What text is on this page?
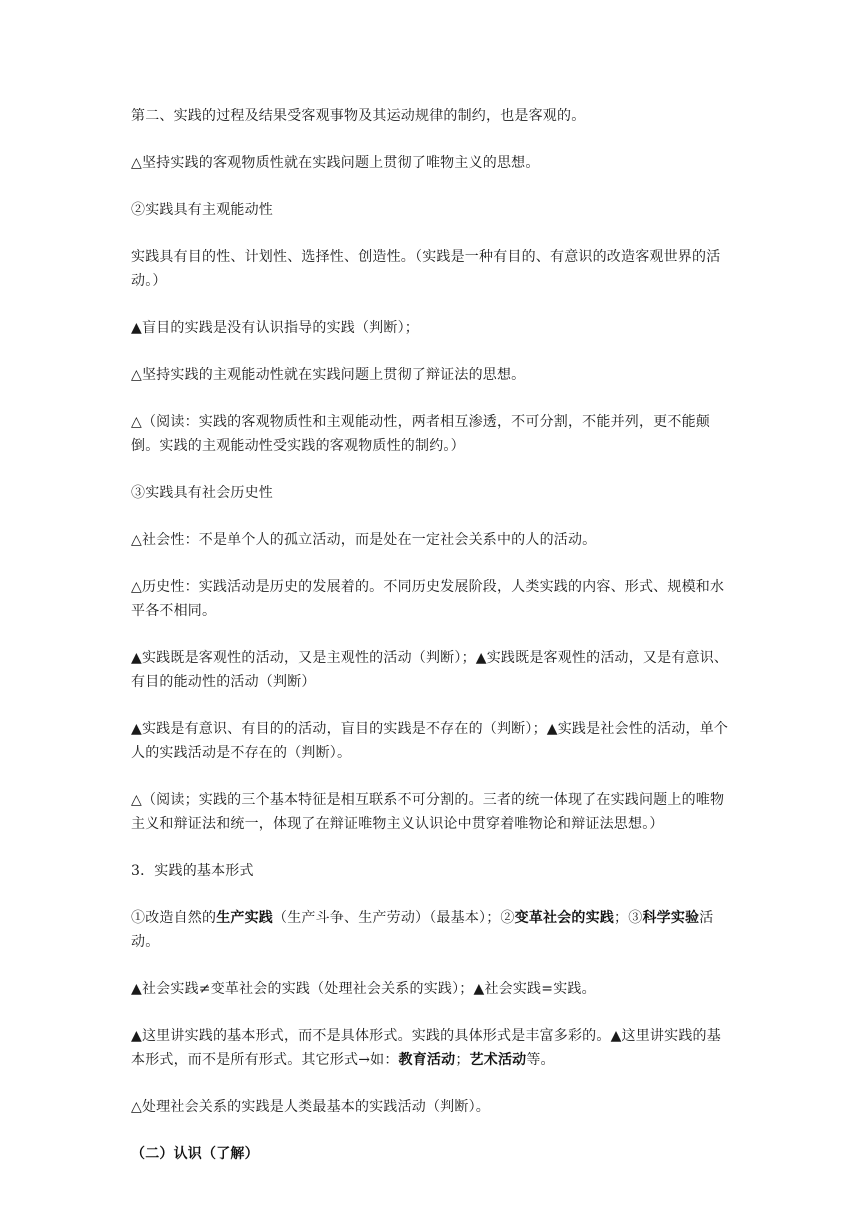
第二、实践的过程及结果受客观事物及其运动规律的制约，也是客观的。

△坚持实践的客观物质性就在实践问题上贯彻了唯物主义的思想。

②实践具有主观能动性

实践具有目的性、计划性、选择性、创造性。（实践是一种有目的、有意识的改造客观世界的活动。）

▲盲目的实践是没有认识指导的实践（判断）；

△坚持实践的主观能动性就在实践问题上贯彻了辩证法的思想。

△（阅读：实践的客观物质性和主观能动性，两者相互渗透，不可分割，不能并列，更不能颠倒。实践的主观能动性受实践的客观物质性的制约。）

③实践具有社会历史性

△社会性：不是单个人的孤立活动，而是处在一定社会关系中的人的活动。

△历史性：实践活动是历史的发展着的。不同历史发展阶段，人类实践的内容、形式、规模和水平各不相同。

▲实践既是客观性的活动，又是主观性的活动（判断）；▲实践既是客观性的活动，又是有意识、有目的能动性的活动（判断）

▲实践是有意识、有目的的活动，盲目的实践是不存在的（判断）；▲实践是社会性的活动，单个人的实践活动是不存在的（判断）。

△（阅读；实践的三个基本特征是相互联系不可分割的。三者的统一体现了在实践问题上的唯物主义和辩证法和统一，体现了在辩证唯物主义认识论中贯穿着唯物论和辩证法思想。）

3．实践的基本形式

①改造自然的生产实践（生产斗争、生产劳动）（最基本）；②变革社会的实践；③科学实验活动。

▲社会实践≠变革社会的实践（处理社会关系的实践）；▲社会实践=实践。

▲这里讲实践的基本形式，而不是具体形式。实践的具体形式是丰富多彩的。▲这里讲实践的基本形式，而不是所有形式。其它形式→如：教育活动；艺术活动等。

△处理社会关系的实践是人类最基本的实践活动（判断）。

（二）认识（了解）
